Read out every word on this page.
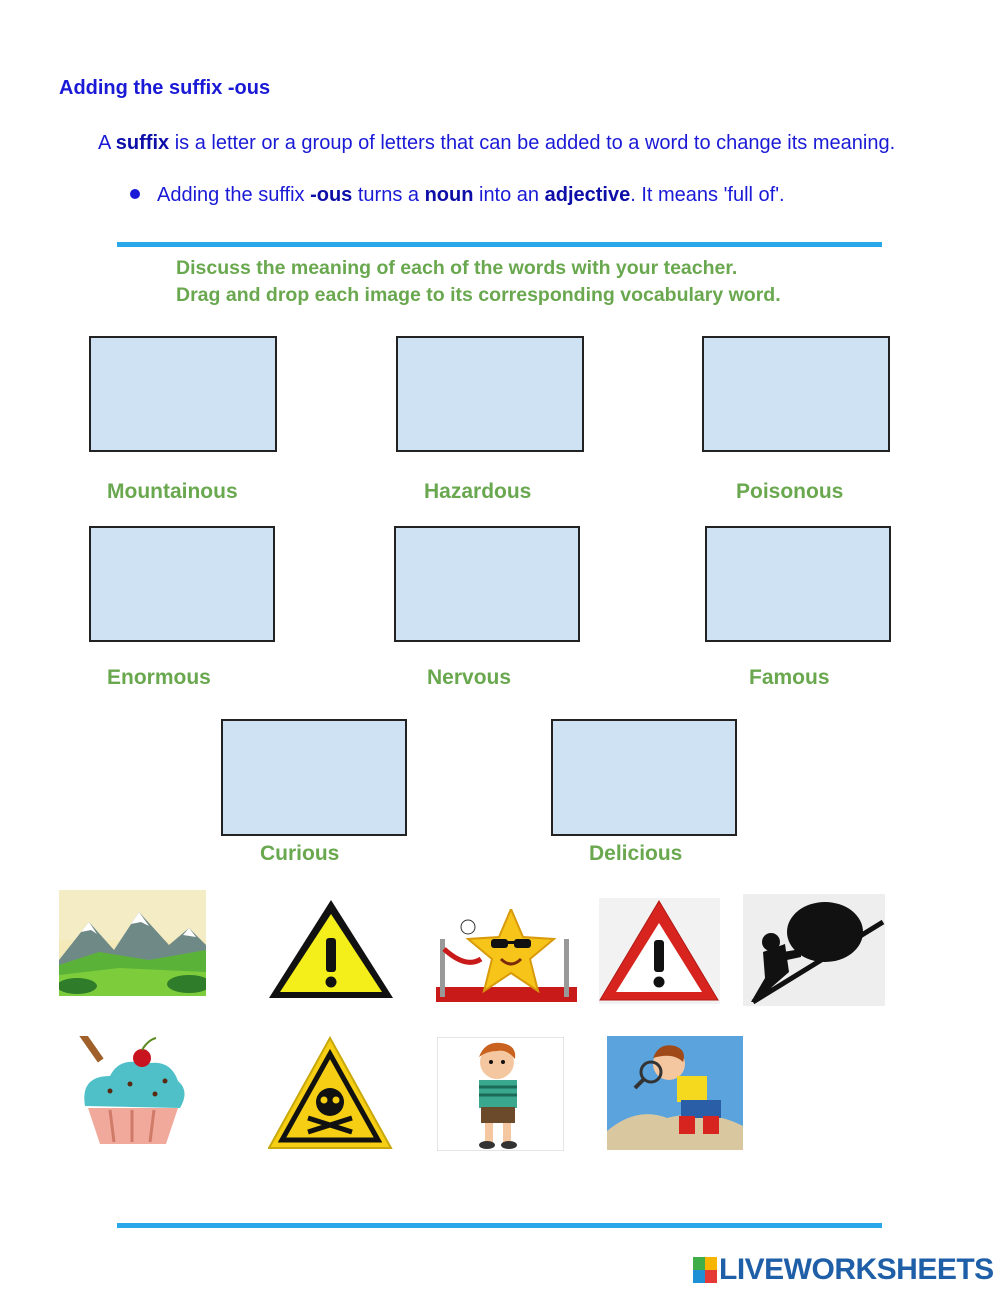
Adding the suffix -ous
A suffix is a letter or a group of letters that can be added to a word to change its meaning.
Adding the suffix -ous turns a noun into an adjective. It means 'full of'.
Discuss the meaning of each of the words with your teacher.
Drag and drop each image to its corresponding vocabulary word.
Mountainous	Hazardous	Poisonous
Enormous	Nervous	Famous
Curious	Delicious
LIVEWORKSHEETS
